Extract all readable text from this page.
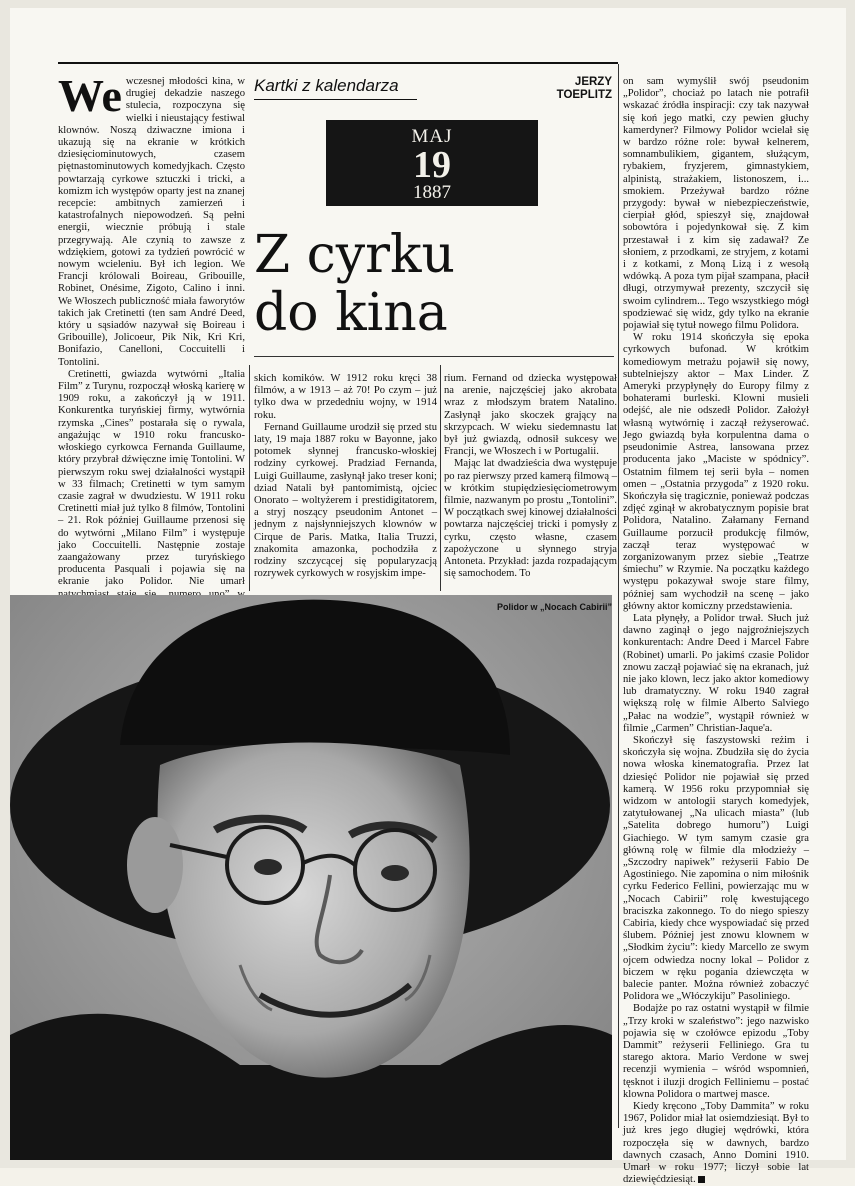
We wczesnej młodości kina, w drugiej dekadzie naszego stulecia, rozpoczyna się wielki i nieustający festiwal klownów. Noszą dziwaczne imiona i ukazują się na ekranie w krótkich dziesięciominutowych, czasem piętnastominutowych komedyjkach. Często powtarzają cyrkowe sztuczki i tricki, a komizm ich występów oparty jest na znanej recepcie: ambitnych zamierzeń i katastrofalnych niepowodzeń. Są pełni energii, wiecznie próbują i stale przegrywają. Ale czynią to zawsze z wdziękiem, gotowi za tydzień powrócić w nowym wcieleniu. Był ich legion. We Francji królowali Boireau, Gribouille, Robinet, Onésime, Zigoto, Calino i inni. We Włoszech publiczność miała faworytów takich jak Cretinetti (ten sam André Deed, który u sąsiadów nazywał się Boireau i Gribouille), Jolicoeur, Pik Nik, Kri Kri, Bonifazio, Canelloni, Coccuitelli i Tontolini.

Cretinetti, gwiazda wytwórni „Italia Film” z Turynu, rozpoczął włoską karierę w 1909 roku, a zakończył ją w 1911. Konkurentka turyńskiej firmy, wytwórnia rzymska „Cines” postarała się o rywala, angażując w 1910 roku francusko-włoskiego cyrkowca Fernanda Guillaume, który przybrał dźwięczne imię Tontolini. W pierwszym roku swej działalności wystąpił w 33 filmach; Cretinetti w tym samym czasie zagrał w dwudziestu. W 1911 roku Cretinetti miał już tylko 8 filmów, Tontolini – 21. Rok później Guillaume przenosi się do wytwórni „Milano Film” i występuje jako Coccuitelli. Następnie zostaje zaangażowany przez turyńskiego producenta Pasquali i pojawia się na ekranie jako Polidor. Nie umarł

Kartki z kalendarza	JERZY
TOEPLITZ
MAJ
19
1887
Z cyrku
do kina

skich komików. W 1912 roku kręci 38 filmów, a w 1913 – aż 70! Po czym – już tylko dwa w przededniu wojny, w 1914 roku.

Fernand Guillaume urodził się przed stu laty, 19 maja 1887 roku w Bayonne, jako potomek słynnej francusko-włoskiej rodziny cyrkowej. Pradziad Fernanda, Luigi Guillaume, zasłynął jako treser koni; dziad Natali był pantomimistą, ojciec Onorato – woltyżerem i prestidigitatorem, a stryj noszący pseudonim Antonet – jednym z najsłynniejszych klownów w Cirque de Paris. Matka, Italia Truzzi, znakomita amazonka, pochodziła z rodziny szczycącej się popularyzacją rozrywek cyrkowych w rosyjskim impe-

rium. Fernand od dziecka występował na arenie, najczęściej jako akrobata wraz z młodszym bratem Natalino. Zasłynął jako skoczek grający na skrzypcach. W wieku siedemnastu lat był już gwiazdą, odnosił sukcesy we Francji, we Włoszech i w Portugalii.

Mając lat dwadzieścia dwa występuje po raz pierwszy przed kamerą filmową – w krótkim stupiędziesięciometrowym filmie, nazwanym po prostu „Tontolini”. W początkach swej kinowej działalności powtarza najczęściej tricki i pomysły z cyrku, często własne, czasem zapożyczone u słynnego stryja Antoneta. Przykład: jazda rozpadającym się samochodem. To

Polidor w „Nocach Cabirii”

on sam wymyślił swój pseudonim „Polidor”, chociaż po latach nie potrafił wskazać źródła inspiracji: czy tak nazywał się koń jego matki, czy pewien głuchy kamerdyner? Filmowy Polidor wcielał się w bardzo różne role: bywał kelnerem, somnambulikiem, gigantem, służącym, rybakiem, fryzjerem, gimnastykiem, alpinistą, strażakiem, listonoszem, i... smokiem. Przeżywał bardzo różne przygody: bywał w niebezpieczeństwie, cierpiał głód, spieszył się, znajdował sobowtóra i pojedynkował się. Z kim przestawał i z kim się zadawał? Ze słoniem, z przodkami, ze stryjem, z kotami i z kotkami, z Moną Lizą i z wesołą wdówką. A poza tym pijał szampana, płacił długi, otrzymywał prezenty, szczycił się swoim cylindrem... Tego wszystkiego mógł spodziewać się widz, gdy tylko na ekranie pojawiał się tytuł nowego filmu Polidora.

W roku 1914 skończyła się epoka cyrkowych bufonad. W krótkim komediowym metrażu pojawił się nowy, subtelniejszy aktor – Max Linder. Z Ameryki przypłynęły do Europy filmy z bohaterami burleski. Klowni musieli odejść, ale nie odszedł Polidor. Założył własną wytwórnię i zaczął reżyserować. Jego gwiazdą była korpulentna dama o pseudonimie Astrea, lansowana przez producenta jako „Maciste w spódnicy”. Ostatnim filmem tej serii była – nomen omen – „Ostatnia przygoda” z 1920 roku. Skończyła się tragicznie, ponieważ podczas zdjęć zginął w akrobatycznym popisie brat Polidora, Natalino. Załamany Fernand Guillaume porzucił produkcję filmów, zaczął teraz występować w zorganizowanym przez siebie „Teatrze śmiechu” w Rzymie. Na początku każdego występu pokazywał swoje stare filmy, później sam wychodził na scenę – jako główny aktor komiczny przedstawienia.

Lata płynęły, a Polidor trwał. Słuch już dawno zaginął o jego najgroźniejszych konkurentach: Andre Deed i Marcel Fabre (Robinet) umarli. Po jakimś czasie Polidor znowu zaczął pojawiać się na ekranach, już nie jako klown, lecz jako aktor komediowy lub dramatyczny. W roku 1940 zagrał większą rolę w filmie Alberto Salviego „Pałac na wodzie”, wystąpił również w filmie „Carmen” Christian-Jaque'a.

Skończył się faszystowski reżim i skończyła się wojna. Zbudziła się do życia nowa włoska kinematografia. Przez lat dziesięć Polidor nie pojawiał się przed kamerą. W 1956 roku przypomniał się widzom w antologii starych komedyjek, zatytułowanej „Na ulicach miasta” (lub „Satelita dobrego humoru”) Luigi Giachiego. W tym samym czasie gra główną rolę w filmie dla młodzieży – „Szczodry napiwek” reżyserii Fabio De Agostiniego. Nie zapomina o nim miłośnik cyrku Federico Fellini, powierzając mu w „Nocach Cabirii” rolę kwestującego braciszka zakonnego. To do niego spieszy Cabiria, kiedy chce wyspowiadać się przed ślubem. Później jest znowu klownem w „Słodkim życiu”: kiedy Marcello ze swym ojcem odwiedza nocny lokal – Polidor z biczem w ręku pogania dziewczęta w balecie panter. Można również zobaczyć Polidora we „Włóczykiju” Pasoliniego.

Bodajże po raz ostatni wystąpił w filmie „Trzy kroki w szaleństwo”: jego nazwisko pojawia się w czołówce epizodu „Toby Dammit” reżyserii Felliniego. Gra tu starego aktora. Mario Verdone w swej recenzji wymienia – wśród wspomnień, tęsknot i iluzji drogich Felliniemu – postać klowna Polidora o martwej masce.

Kiedy kręcono „Toby Dammita” w roku 1967, Polidor miał lat osiemdziesiąt. Był to już kres jego długiej wędrówki, która rozpoczęła się w dawnych, bardzo dawnych czasach, Anno Domini 1910. Umarł w roku 1977; liczył sobie lat dziewięćdziesiąt.
